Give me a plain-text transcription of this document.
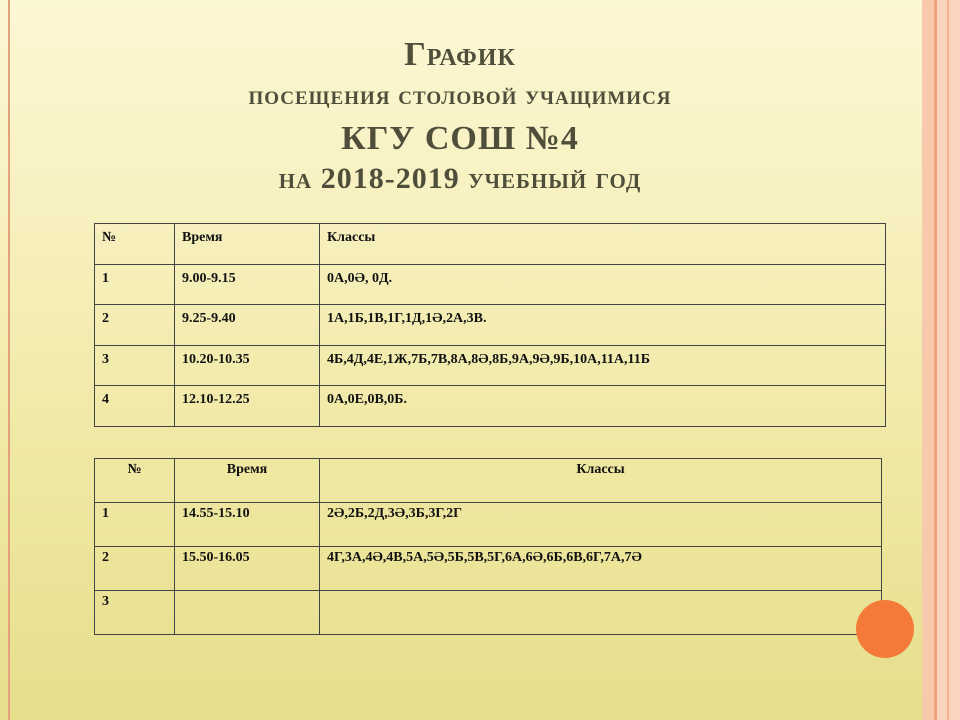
График
посещения столовой учащимися
КГУ СОШ №4
на 2018-2019 учебный год
№	Время	Классы
1	9.00-9.15	0А,0Ә, 0Д.
2	9.25-9.40	1А,1Б,1В,1Г,1Д,1Ә,2А,3В.
3	10.20-10.35	4Б,4Д,4Е,1Ж,7Б,7В,8А,8Ә,8Б,9А,9Ә,9Б,10А,11А,11Б
4	12.10-12.25	0А,0Е,0В,0Б.
№	Время	Классы
1	14.55-15.10	2Ә,2Б,2Д,3Ә,3Б,3Г,2Г
2	15.50-16.05	4Г,3А,4Ә,4В,5А,5Ә,5Б,5В,5Г,6А,6Ә,6Б,6В,6Г,7А,7Ә
3		
